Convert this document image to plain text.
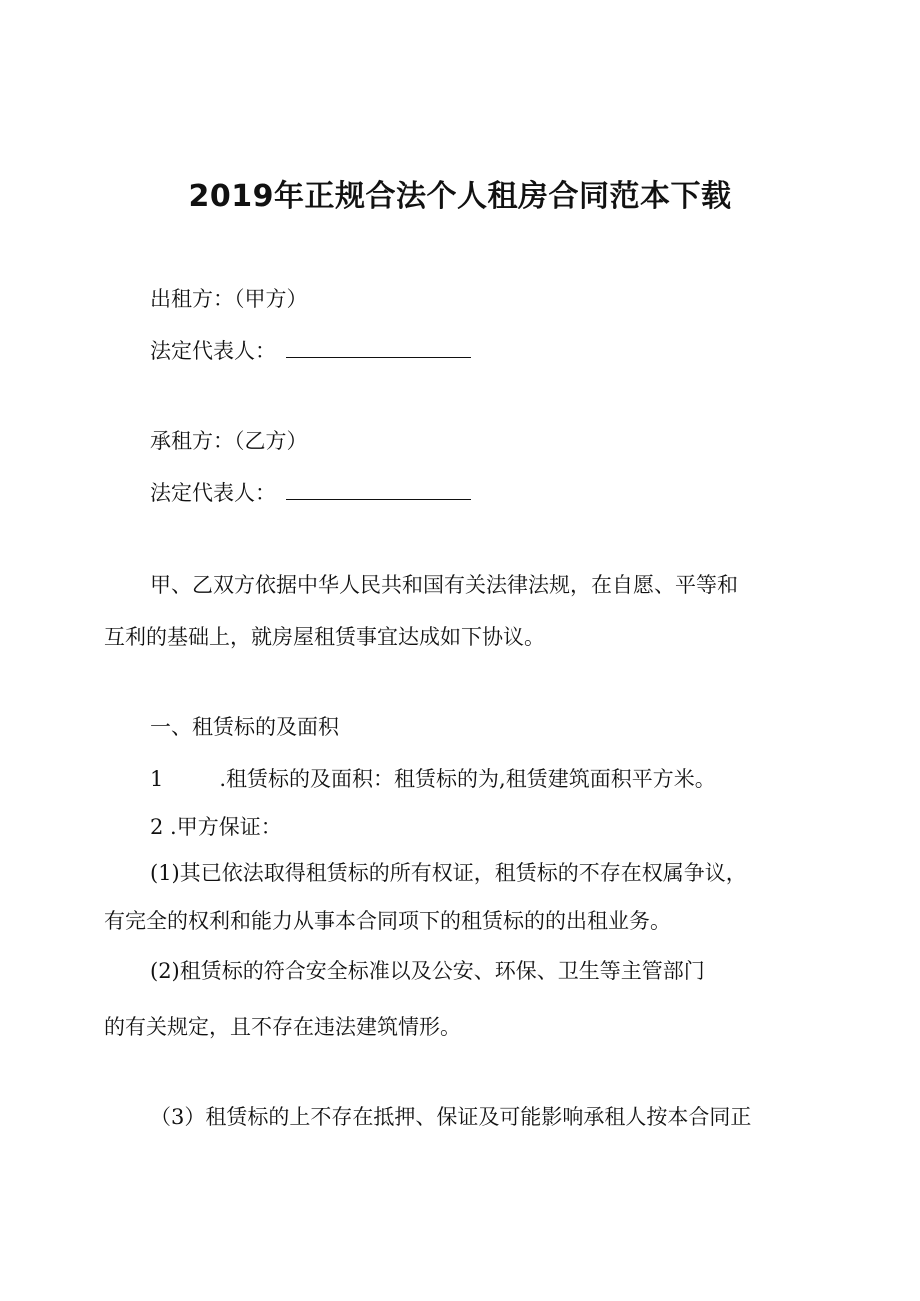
2019年正规合法个人租房合同范本下载
出租方：（甲方）
法定代表人：
承租方：（乙方）
法定代表人：
甲、乙双方依据中华人民共和国有关法律法规，在自愿、平等和
互利的基础上，就房屋租赁事宜达成如下协议。
一、租赁标的及面积
1	.租赁标的及面积：租赁标的为,租赁建筑面积平方米。
2 .甲方保证：
(1)其已依法取得租赁标的所有权证，租赁标的不存在权属争议，
有完全的权利和能力从事本合同项下的租赁标的的出租业务。
(2)租赁标的符合安全标准以及公安、环保、卫生等主管部门
的有关规定，且不存在违法建筑情形。
（3）租赁标的上不存在抵押、保证及可能影响承租人按本合同正
